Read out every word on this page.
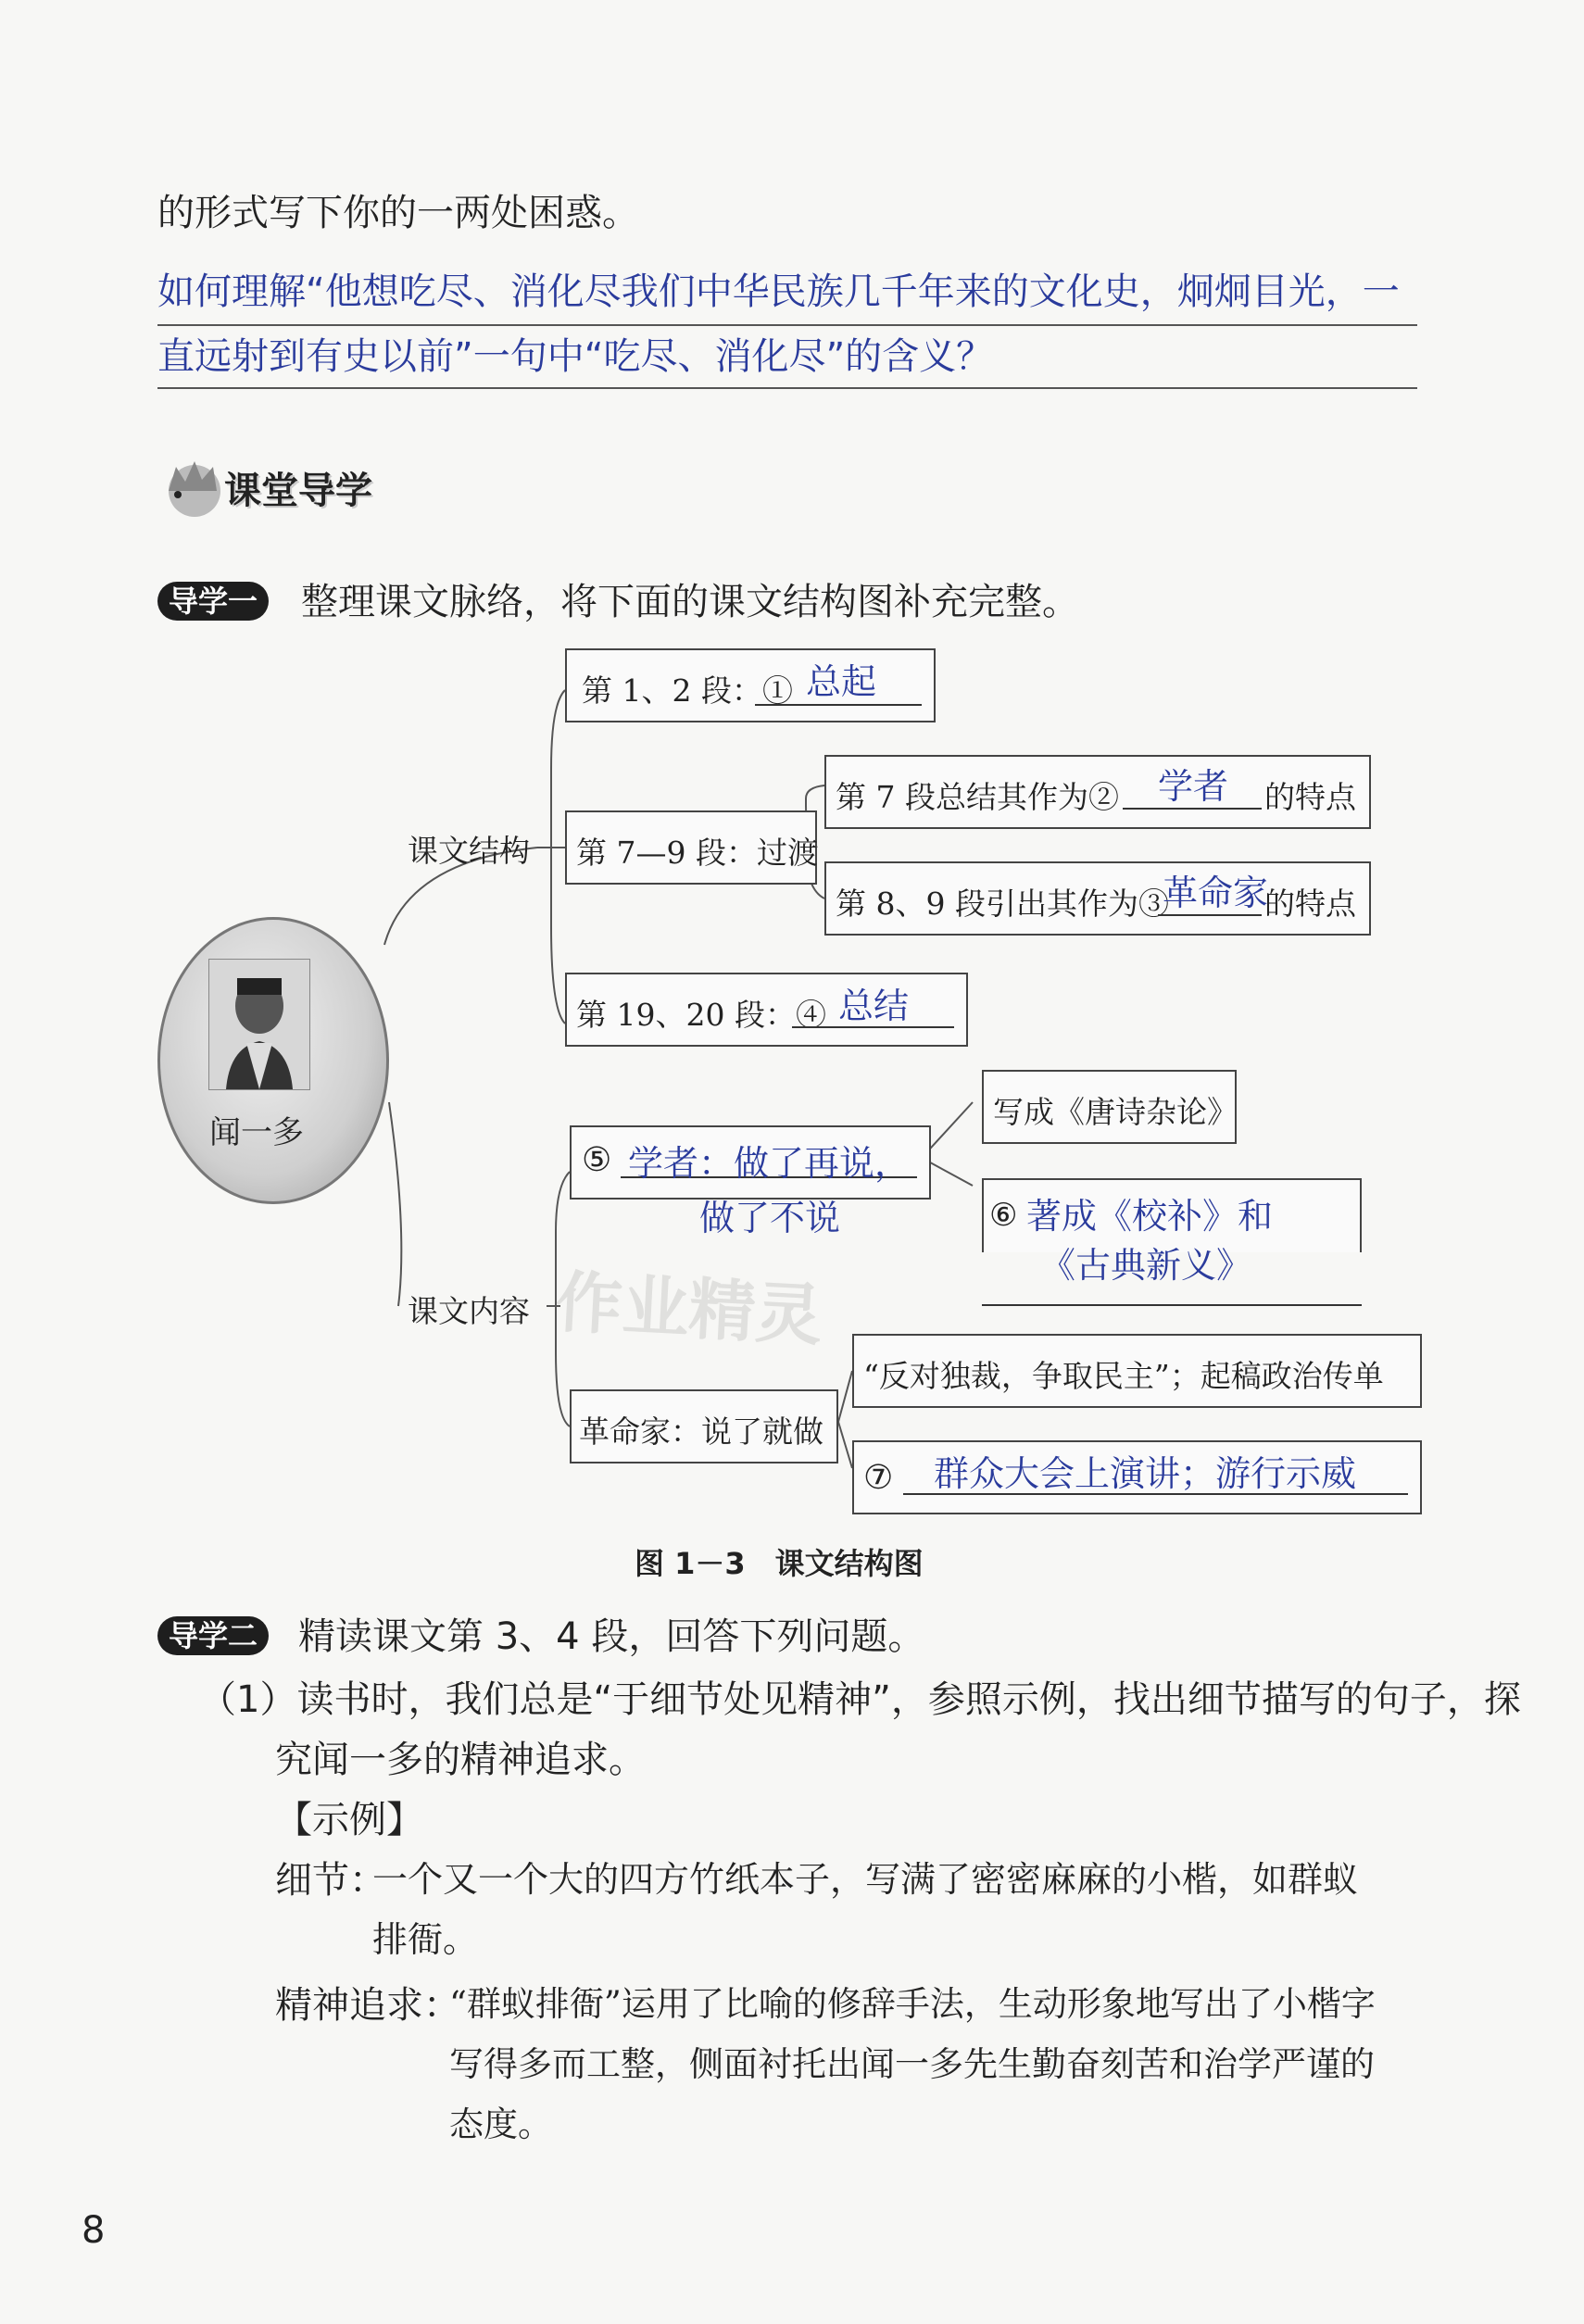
的形式写下你的一两处困惑。
如何理解“他想吃尽、消化尽我们中华民族几千年来的文化史，炯炯目光，一
直远射到有史以前”一句中“吃尽、消化尽”的含义？
课堂导学
导学一	整理课文脉络，将下面的课文结构图补充完整。
闻一多
课文结构
课文内容
第 1、2 段：① 总起
第 7—9 段：过渡
第 7 段总结其作为② 学者 的特点
第 8、9 段引出其作为③
革命家
的特点
第 19、20 段：④ 总结
⑤ 学者：做了再说，
做了不说
写成《唐诗杂论》
⑥ 著成《校补》和
《古典新义》
革命家：说了就做
“反对独裁，争取民主”；起稿政治传单
⑦ 群众大会上演讲；游行示威
图 1－3　课文结构图
导学二	精读课文第 3、4 段，回答下列问题。
（1）读书时，我们总是“于细节处见精神”，参照示例，找出细节描写的句子，探
究闻一多的精神追求。
【示例】
细节：
一个又一个大的四方竹纸本子，写满了密密麻麻的小楷，如群蚁
排衙。
精神追求：
“群蚁排衙”运用了比喻的修辞手法，生动形象地写出了小楷字
写得多而工整，侧面衬托出闻一多先生勤奋刻苦和治学严谨的
态度。
作业精灵
8
